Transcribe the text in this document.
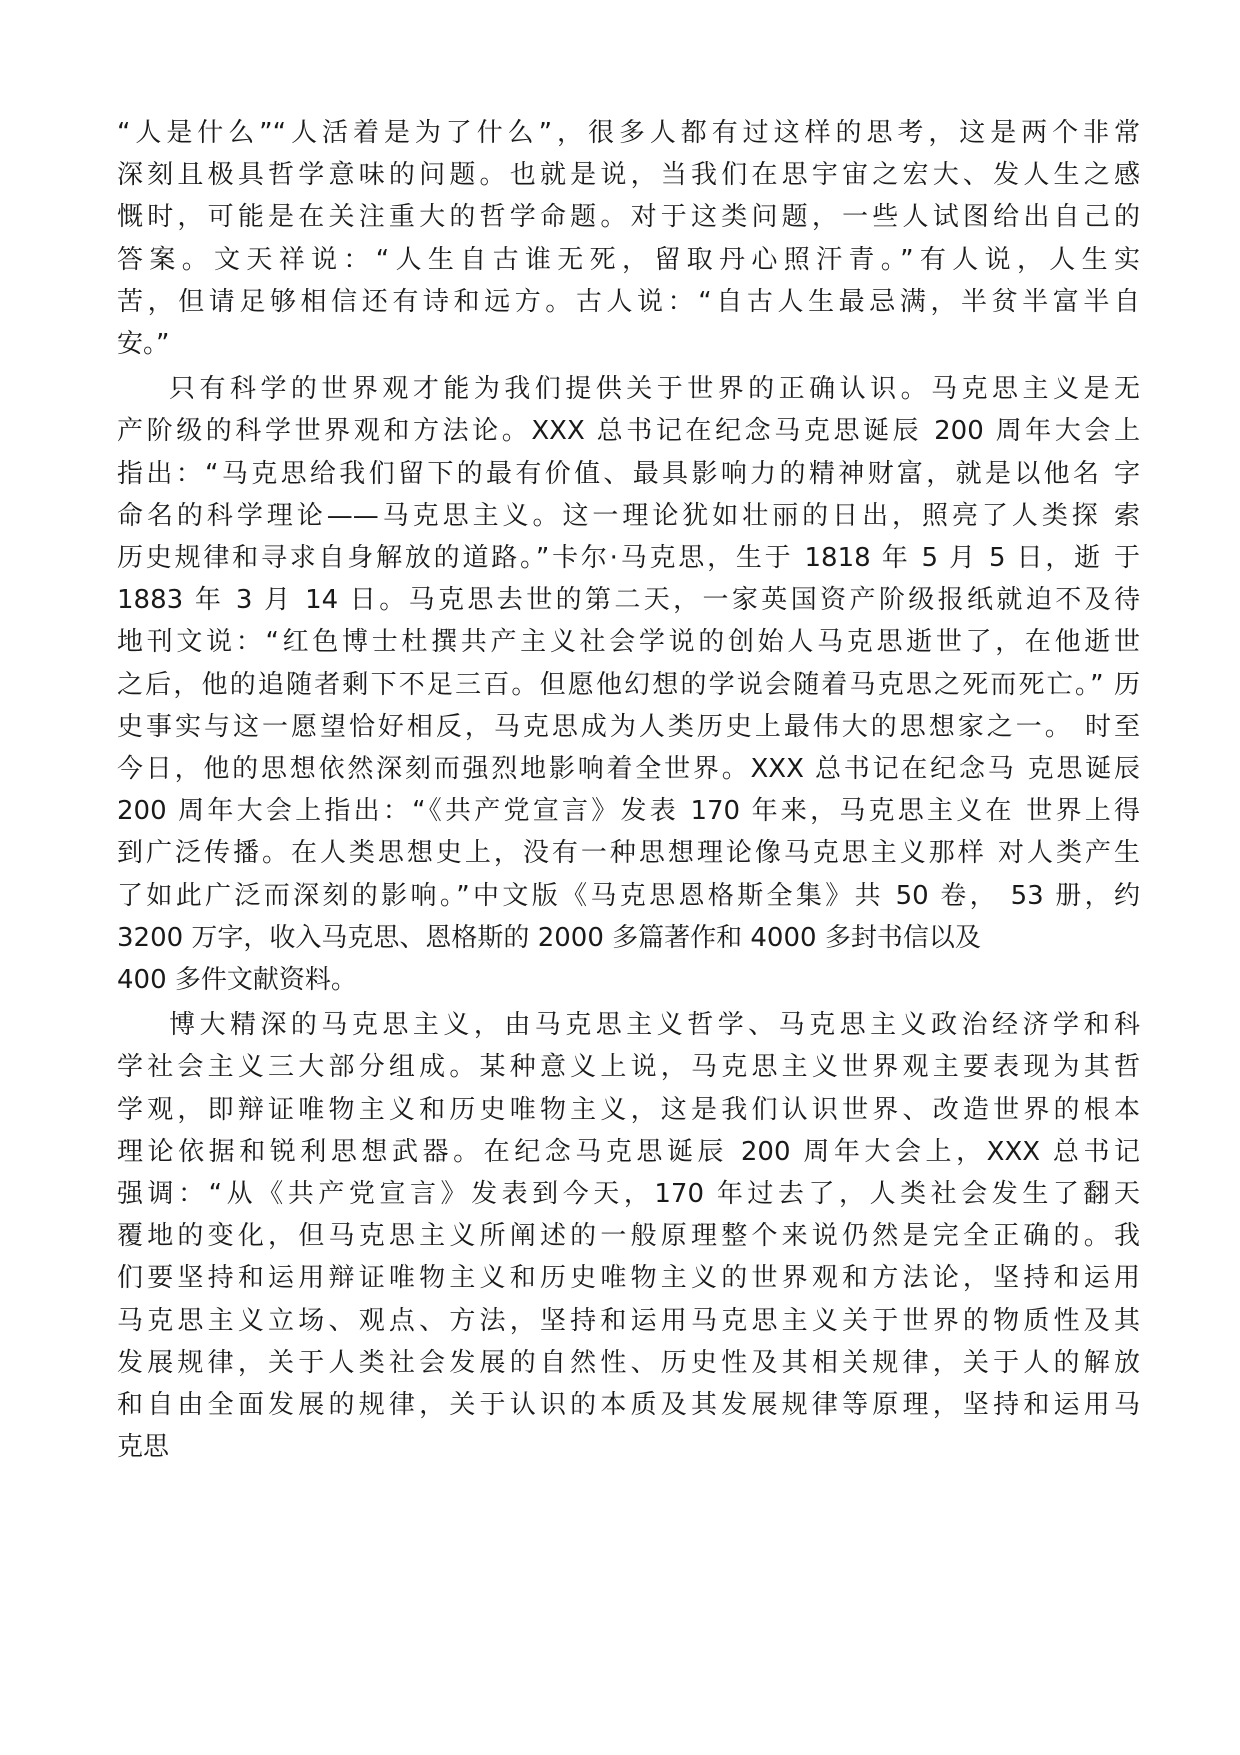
“人是什么”“人活着是为了什么”，很多人都有过这样的思考，这是两个非常
深刻且极具哲学意味的问题。也就是说，当我们在思宇宙之宏大、发人生之感
慨时，可能是在关注重大的哲学命题。对于这类问题，一些人试图给出自己的
答案。文天祥说：“人生自古谁无死，留取丹心照汗青。”有人说，人生实
苦，但请足够相信还有诗和远方。古人说：“自古人生最忌满，半贫半富半自
安。”

只有科学的世界观才能为我们提供关于世界的正确认识。马克思主义是无
产阶级的科学世界观和方法论。XXX 总书记在纪念马克思诞辰 200 周年大会上
指出：“马克思给我们留下的最有价值、最具影响力的精神财富，就是以他名 字
命名的科学理论——马克思主义。这一理论犹如壮丽的日出，照亮了人类探 索
历史规律和寻求自身解放的道路。”卡尔·马克思，生于 1818 年 5 月 5 日，逝 于
1883 年 3 月 14 日。马克思去世的第二天，一家英国资产阶级报纸就迫不及待
地刊文说：“红色博士杜撰共产主义社会学说的创始人马克思逝世了，在他逝世
之后，他的追随者剩下不足三百。但愿他幻想的学说会随着马克思之死而死亡。” 历
史事实与这一愿望恰好相反，马克思成为人类历史上最伟大的思想家之一。 时至
今日，他的思想依然深刻而强烈地影响着全世界。XXX 总书记在纪念马 克思诞辰
200 周年大会上指出：“《共产党宣言》发表 170 年来，马克思主义在 世界上得
到广泛传播。在人类思想史上，没有一种思想理论像马克思主义那样 对人类产生
了如此广泛而深刻的影响。”中文版《马克思恩格斯全集》共 50 卷， 53 册，约
3200 万字，收入马克思、恩格斯的 2000 多篇著作和 4000 多封书信以及
400 多件文献资料。

博大精深的马克思主义，由马克思主义哲学、马克思主义政治经济学和科
学社会主义三大部分组成。某种意义上说，马克思主义世界观主要表现为其哲
学观，即辩证唯物主义和历史唯物主义，这是我们认识世界、改造世界的根本
理论依据和锐利思想武器。在纪念马克思诞辰 200 周年大会上，XXX 总书记
强调：“从《共产党宣言》发表到今天，170 年过去了，人类社会发生了翻天
覆地的变化，但马克思主义所阐述的一般原理整个来说仍然是完全正确的。我
们要坚持和运用辩证唯物主义和历史唯物主义的世界观和方法论，坚持和运用
马克思主义立场、观点、方法，坚持和运用马克思主义关于世界的物质性及其
发展规律，关于人类社会发展的自然性、历史性及其相关规律，关于人的解放
和自由全面发展的规律，关于认识的本质及其发展规律等原理，坚持和运用马
克思
